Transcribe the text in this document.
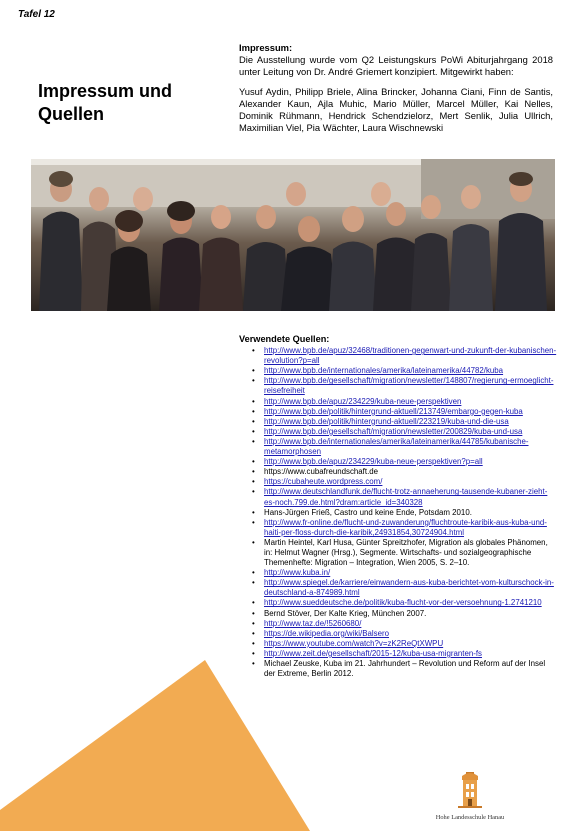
Tafel 12
Impressum:

Die Ausstellung wurde vom Q2 Leistungskurs PoWi Abiturjahrgang 2018 unter Leitung von Dr. André Griemert konzipiert. Mitgewirkt haben:

Yusuf Aydin, Philipp Briele, Alina Brincker, Johanna Ciani, Finn de Santis, Alexander Kaun, Ajla Muhic, Mario Müller, Marcel Müller, Kai Nelles, Dominik Rühmann, Hendrick Schendzielorz, Mert Senlik, Julia Ullrich, Maximilian Viel, Pia Wächter, Laura Wischnewski

Impressum und Quellen
Verwendete Quellen:
• http://www.bpb.de/apuz/32468/traditionen-gegenwart-und-zukunft-der-kubanischen-revolution?p=all
• http://www.bpb.de/internationales/amerika/lateinamerika/44782/kuba
• http://www.bpb.de/gesellschaft/migration/newsletter/148807/regierung-ermoeglicht-reisefreiheit
• http://www.bpb.de/apuz/234229/kuba-neue-perspektiven
• http://www.bpb.de/politik/hintergrund-aktuell/213749/embargo-gegen-kuba
• http://www.bpb.de/politik/hintergrund-aktuell/223219/kuba-und-die-usa
• http://www.bpb.de/gesellschaft/migration/newsletter/200829/kuba-und-usa
• http://www.bpb.de/internationales/amerika/lateinamerika/44785/kubanische-metamorphosen
• http://www.bpb.de/apuz/234229/kuba-neue-perspektiven?p=all
• https://www.cubafreundschaft.de
• https://cubaheute.wordpress.com/
• http://www.deutschlandfunk.de/flucht-trotz-annaeherung-tausende-kubaner-zieht-es-noch.799.de.html?dram:article_id=340328
• Hans-Jürgen Frieß, Castro und keine Ende, Potsdam 2010.
• http://www.fr-online.de/flucht-und-zuwanderung/fluchtroute-karibik-aus-kuba-und-haiti-per-floss-durch-die-karibik,24931854,30724904.html
• Martin Heintel, Karl Husa, Günter Spreitzhofer, Migration als globales Phänomen, in: Helmut Wagner (Hrsg.), Segmente. Wirtschafts- und sozialgeographische Themenhefte: Migration – Integration, Wien 2005, S. 2–10.
• http://www.kuba.in/
• http://www.spiegel.de/karriere/einwandern-aus-kuba-berichtet-vom-kulturschock-in-deutschland-a-874989.html
• http://www.sueddeutsche.de/politik/kuba-flucht-vor-der-versoehnung-1.2741210
• Bernd Stöver, Der Kalte Krieg, München 2007.
• http://www.taz.de/!5260680/
• https://de.wikipedia.org/wiki/Balsero
• https://www.youtube.com/watch?v=zK2ReQtXWPU
• http://www.zeit.de/gesellschaft/2015-12/kuba-usa-migranten-fs
• Michael Zeuske, Kuba im 21. Jahrhundert – Revolution und Reform auf der Insel der Extreme, Berlin 2012.
Hohe Landesschule Hanau
